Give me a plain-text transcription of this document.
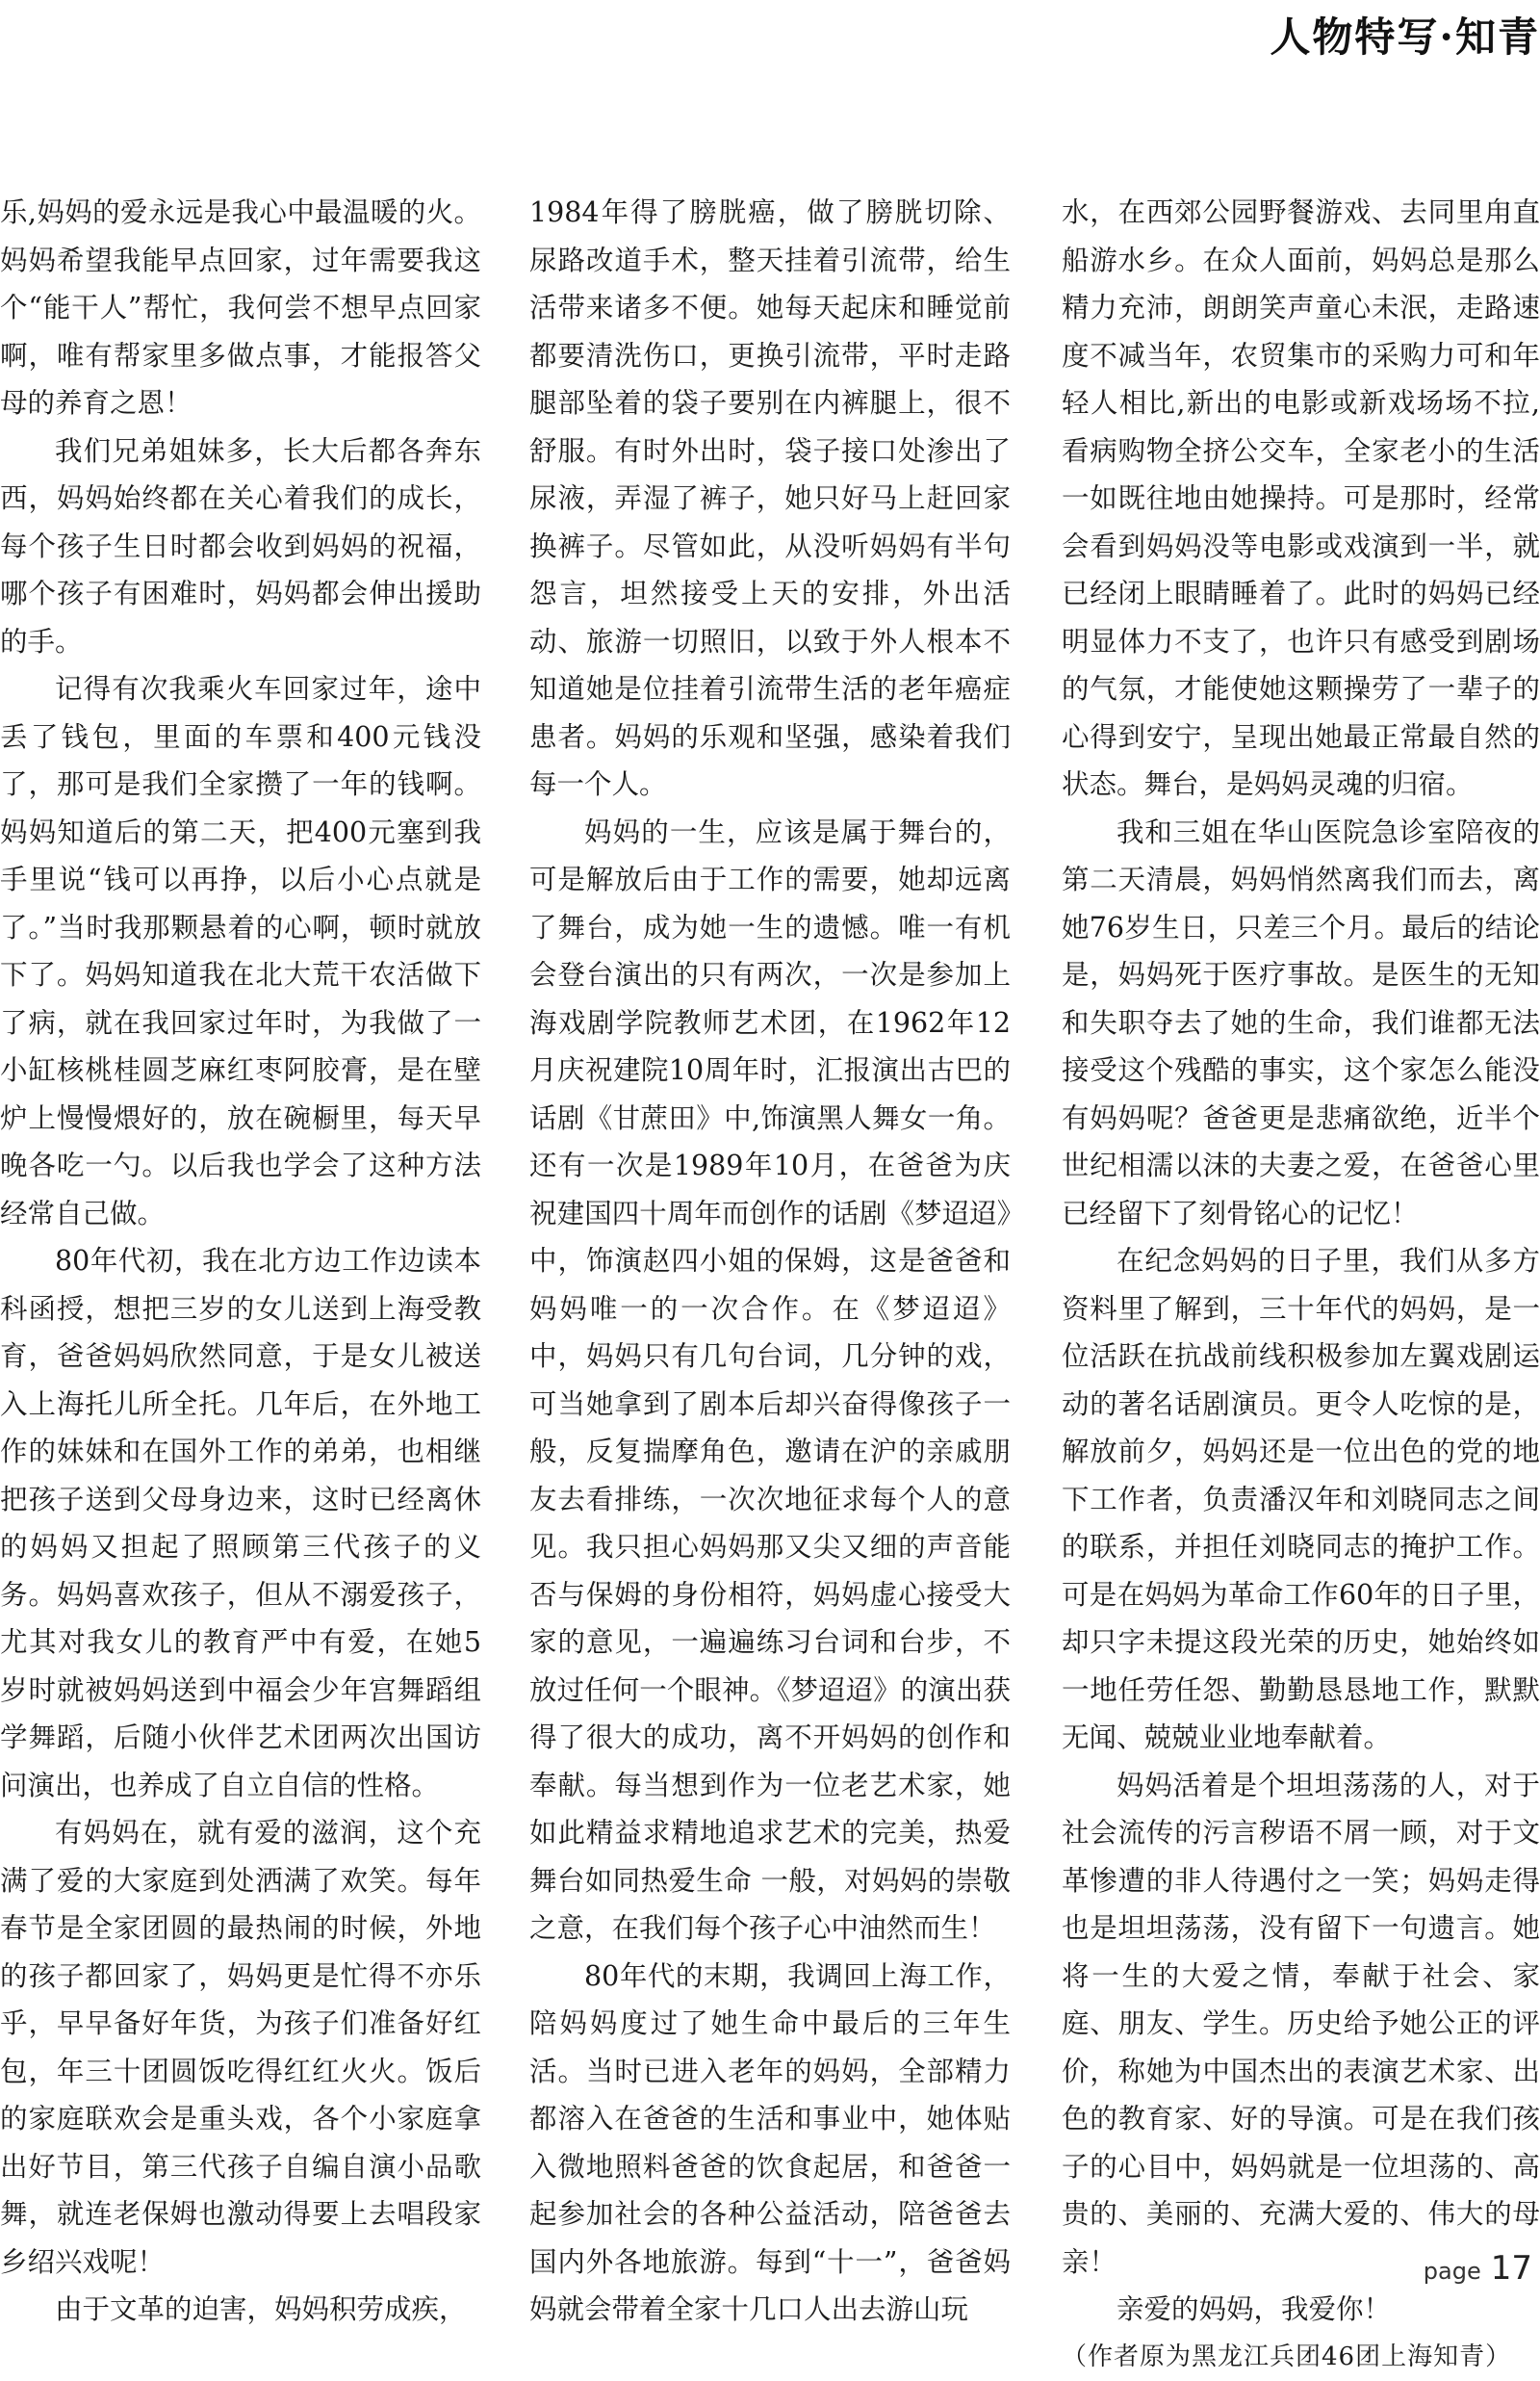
人物特写·知青

乐,妈妈的爱永远是我心中最温暖的火。妈妈希望我能早点回家，过年需要我这个“能干人”帮忙，我何尝不想早点回家啊，唯有帮家里多做点事，才能报答父母的养育之恩！

我们兄弟姐妹多，长大后都各奔东西，妈妈始终都在关心着我们的成长，每个孩子生日时都会收到妈妈的祝福，哪个孩子有困难时，妈妈都会伸出援助的手。

记得有次我乘火车回家过年，途中丢了钱包，里面的车票和400元钱没了，那可是我们全家攒了一年的钱啊。妈妈知道后的第二天，把400元塞到我手里说“钱可以再挣，以后小心点就是了。”当时我那颗悬着的心啊，顿时就放下了。妈妈知道我在北大荒干农活做下了病，就在我回家过年时，为我做了一小缸核桃桂圆芝麻红枣阿胶膏，是在壁炉上慢慢煨好的，放在碗橱里，每天早晚各吃一勺。以后我也学会了这种方法经常自己做。

80年代初，我在北方边工作边读本科函授，想把三岁的女儿送到上海受教育，爸爸妈妈欣然同意，于是女儿被送入上海托儿所全托。几年后，在外地工作的妹妹和在国外工作的弟弟，也相继把孩子送到父母身边来，这时已经离休的妈妈又担起了照顾第三代孩子的义务。妈妈喜欢孩子，但从不溺爱孩子，尤其对我女儿的教育严中有爱，在她5岁时就被妈妈送到中福会少年宫舞蹈组学舞蹈，后随小伙伴艺术团两次出国访问演出，也养成了自立自信的性格。

有妈妈在，就有爱的滋润，这个充满了爱的大家庭到处洒满了欢笑。每年春节是全家团圆的最热闹的时候，外地的孩子都回家了，妈妈更是忙得不亦乐乎，早早备好年货，为孩子们准备好红包，年三十团圆饭吃得红红火火。饭后的家庭联欢会是重头戏，各个小家庭拿出好节目，第三代孩子自编自演小品歌舞，就连老保姆也激动得要上去唱段家乡绍兴戏呢！

由于文革的迫害，妈妈积劳成疾，

1984年得了膀胱癌，做了膀胱切除、尿路改道手术，整天挂着引流带，给生活带来诸多不便。她每天起床和睡觉前都要清洗伤口，更换引流带，平时走路腿部坠着的袋子要别在内裤腿上，很不舒服。有时外出时，袋子接口处渗出了尿液，弄湿了裤子，她只好马上赶回家换裤子。尽管如此，从没听妈妈有半句怨言，坦然接受上天的安排，外出活动、旅游一切照旧，以致于外人根本不知道她是位挂着引流带生活的老年癌症患者。妈妈的乐观和坚强，感染着我们每一个人。

妈妈的一生，应该是属于舞台的，可是解放后由于工作的需要，她却远离了舞台，成为她一生的遗憾。唯一有机会登台演出的只有两次，一次是参加上海戏剧学院教师艺术团，在1962年12月庆祝建院10周年时，汇报演出古巴的话剧《甘蔗田》中,饰演黑人舞女一角。还有一次是1989年10月，在爸爸为庆祝建国四十周年而创作的话剧《梦迢迢》中，饰演赵四小姐的保姆，这是爸爸和妈妈唯一的一次合作。在《梦迢迢》中，妈妈只有几句台词，几分钟的戏，可当她拿到了剧本后却兴奋得像孩子一般，反复揣摩角色，邀请在沪的亲戚朋友去看排练，一次次地征求每个人的意见。我只担心妈妈那又尖又细的声音能否与保姆的身份相符，妈妈虚心接受大家的意见，一遍遍练习台词和台步，不放过任何一个眼神。《梦迢迢》的演出获得了很大的成功，离不开妈妈的创作和奉献。每当想到作为一位老艺术家，她如此精益求精地追求艺术的完美，热爱舞台如同热爱生命 一般，对妈妈的崇敬之意，在我们每个孩子心中油然而生！

80年代的末期，我调回上海工作，陪妈妈度过了她生命中最后的三年生活。当时已进入老年的妈妈，全部精力都溶入在爸爸的生活和事业中，她体贴入微地照料爸爸的饮食起居，和爸爸一起参加社会的各种公益活动，陪爸爸去国内外各地旅游。每到“十一”，爸爸妈妈就会带着全家十几口人出去游山玩

水，在西郊公园野餐游戏、去同里甪直船游水乡。在众人面前，妈妈总是那么精力充沛，朗朗笑声童心未泯，走路速度不减当年，农贸集市的采购力可和年轻人相比,新出的电影或新戏场场不拉,看病购物全挤公交车，全家老小的生活一如既往地由她操持。可是那时，经常会看到妈妈没等电影或戏演到一半，就已经闭上眼睛睡着了。此时的妈妈已经明显体力不支了，也许只有感受到剧场的气氛，才能使她这颗操劳了一辈子的心得到安宁，呈现出她最正常最自然的状态。舞台，是妈妈灵魂的归宿。

我和三姐在华山医院急诊室陪夜的第二天清晨，妈妈悄然离我们而去，离她76岁生日，只差三个月。最后的结论是，妈妈死于医疗事故。是医生的无知和失职夺去了她的生命，我们谁都无法接受这个残酷的事实，这个家怎么能没有妈妈呢？爸爸更是悲痛欲绝，近半个世纪相濡以沫的夫妻之爱，在爸爸心里已经留下了刻骨铭心的记忆！

在纪念妈妈的日子里，我们从多方资料里了解到，三十年代的妈妈，是一位活跃在抗战前线积极参加左翼戏剧运动的著名话剧演员。更令人吃惊的是，解放前夕，妈妈还是一位出色的党的地下工作者，负责潘汉年和刘晓同志之间的联系，并担任刘晓同志的掩护工作。可是在妈妈为革命工作60年的日子里，却只字未提这段光荣的历史，她始终如一地任劳任怨、勤勤恳恳地工作，默默无闻、兢兢业业地奉献着。

妈妈活着是个坦坦荡荡的人，对于社会流传的污言秽语不屑一顾，对于文革惨遭的非人待遇付之一笑；妈妈走得也是坦坦荡荡，没有留下一句遗言。她将一生的大爱之情，奉献于社会、家庭、朋友、学生。历史给予她公正的评价，称她为中国杰出的表演艺术家、出色的教育家、好的导演。可是在我们孩子的心目中，妈妈就是一位坦荡的、高贵的、美丽的、充满大爱的、伟大的母亲！

亲爱的妈妈，我爱你！

（作者原为黑龙江兵团46团上海知青）

page 17
